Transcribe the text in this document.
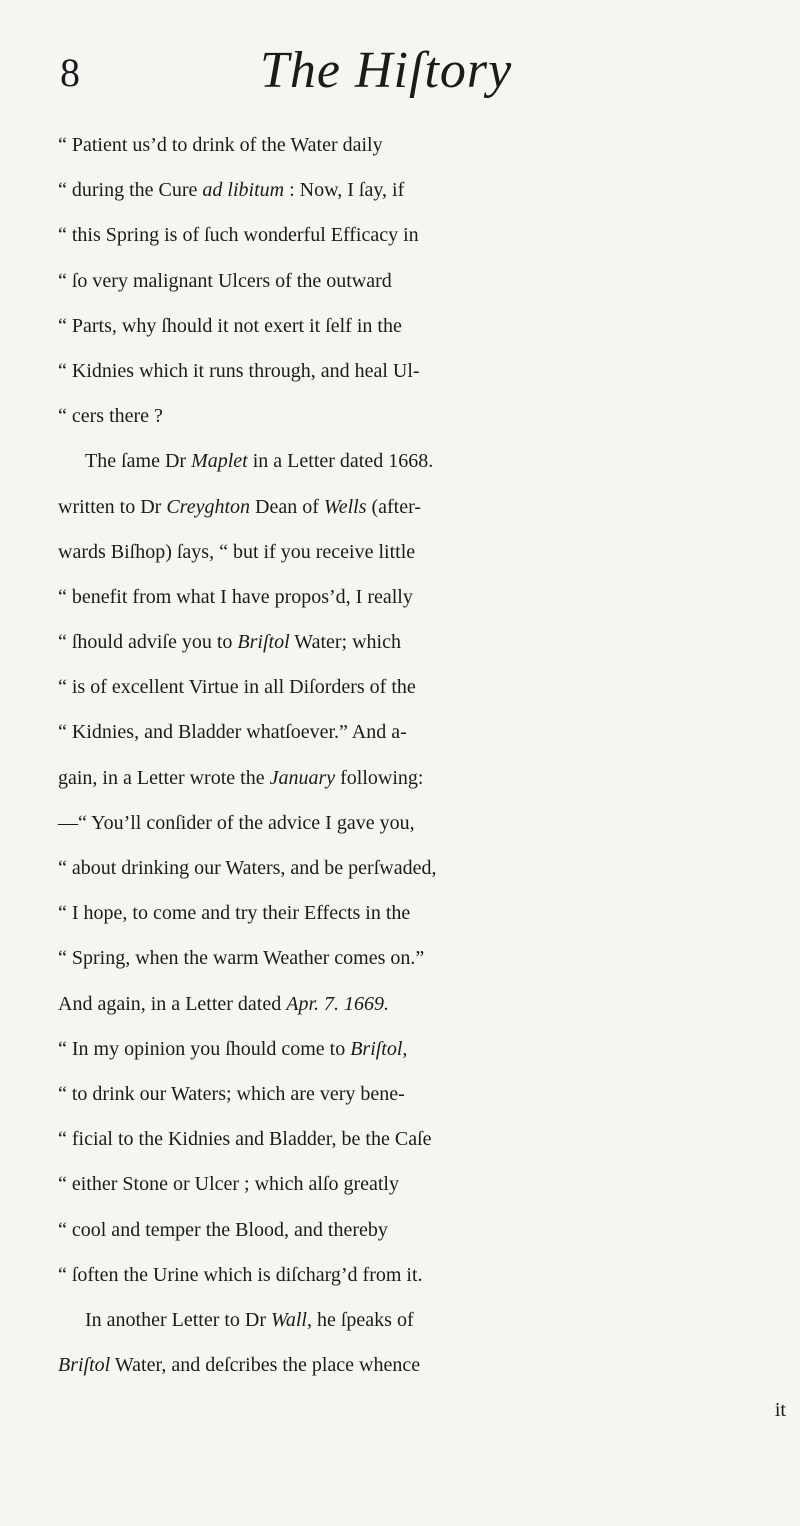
8	The Hiſtory
“ Patient us’d to drink of the Water daily
“ during the Cure ad libitum : Now, I ſay, if
“ this Spring is of ſuch wonderful Efficacy in
“ ſo very malignant Ulcers of the outward
“ Parts, why ſhould it not exert it ſelf in the
“ Kidnies which it runs through, and heal Ul-
“ cers there ?
The ſame Dr Maplet in a Letter dated 1668.
written to Dr Creyghton Dean of Wells (after-
wards Biſhop) ſays, “ but if you receive little
“ benefit from what I have propos’d, I really
“ ſhould adviſe you to Briſtol Water; which
“ is of excellent Virtue in all Diſorders of the
“ Kidnies, and Bladder whatſoever.” And a-
gain, in a Letter wrote the January following:
—“ You’ll conſider of the advice I gave you,
“ about drinking our Waters, and be perſwaded,
“ I hope, to come and try their Effects in the
“ Spring, when the warm Weather comes on.”
And again, in a Letter dated Apr. 7. 1669.
“ In my opinion you ſhould come to Briſtol,
“ to drink our Waters; which are very bene-
“ ficial to the Kidnies and Bladder, be the Caſe
“ either Stone or Ulcer ; which alſo greatly
“ cool and temper the Blood, and thereby
“ ſoften the Urine which is diſcharg’d from it.
In another Letter to Dr Wall, he ſpeaks of
Briſtol Water, and deſcribes the place whence
it
